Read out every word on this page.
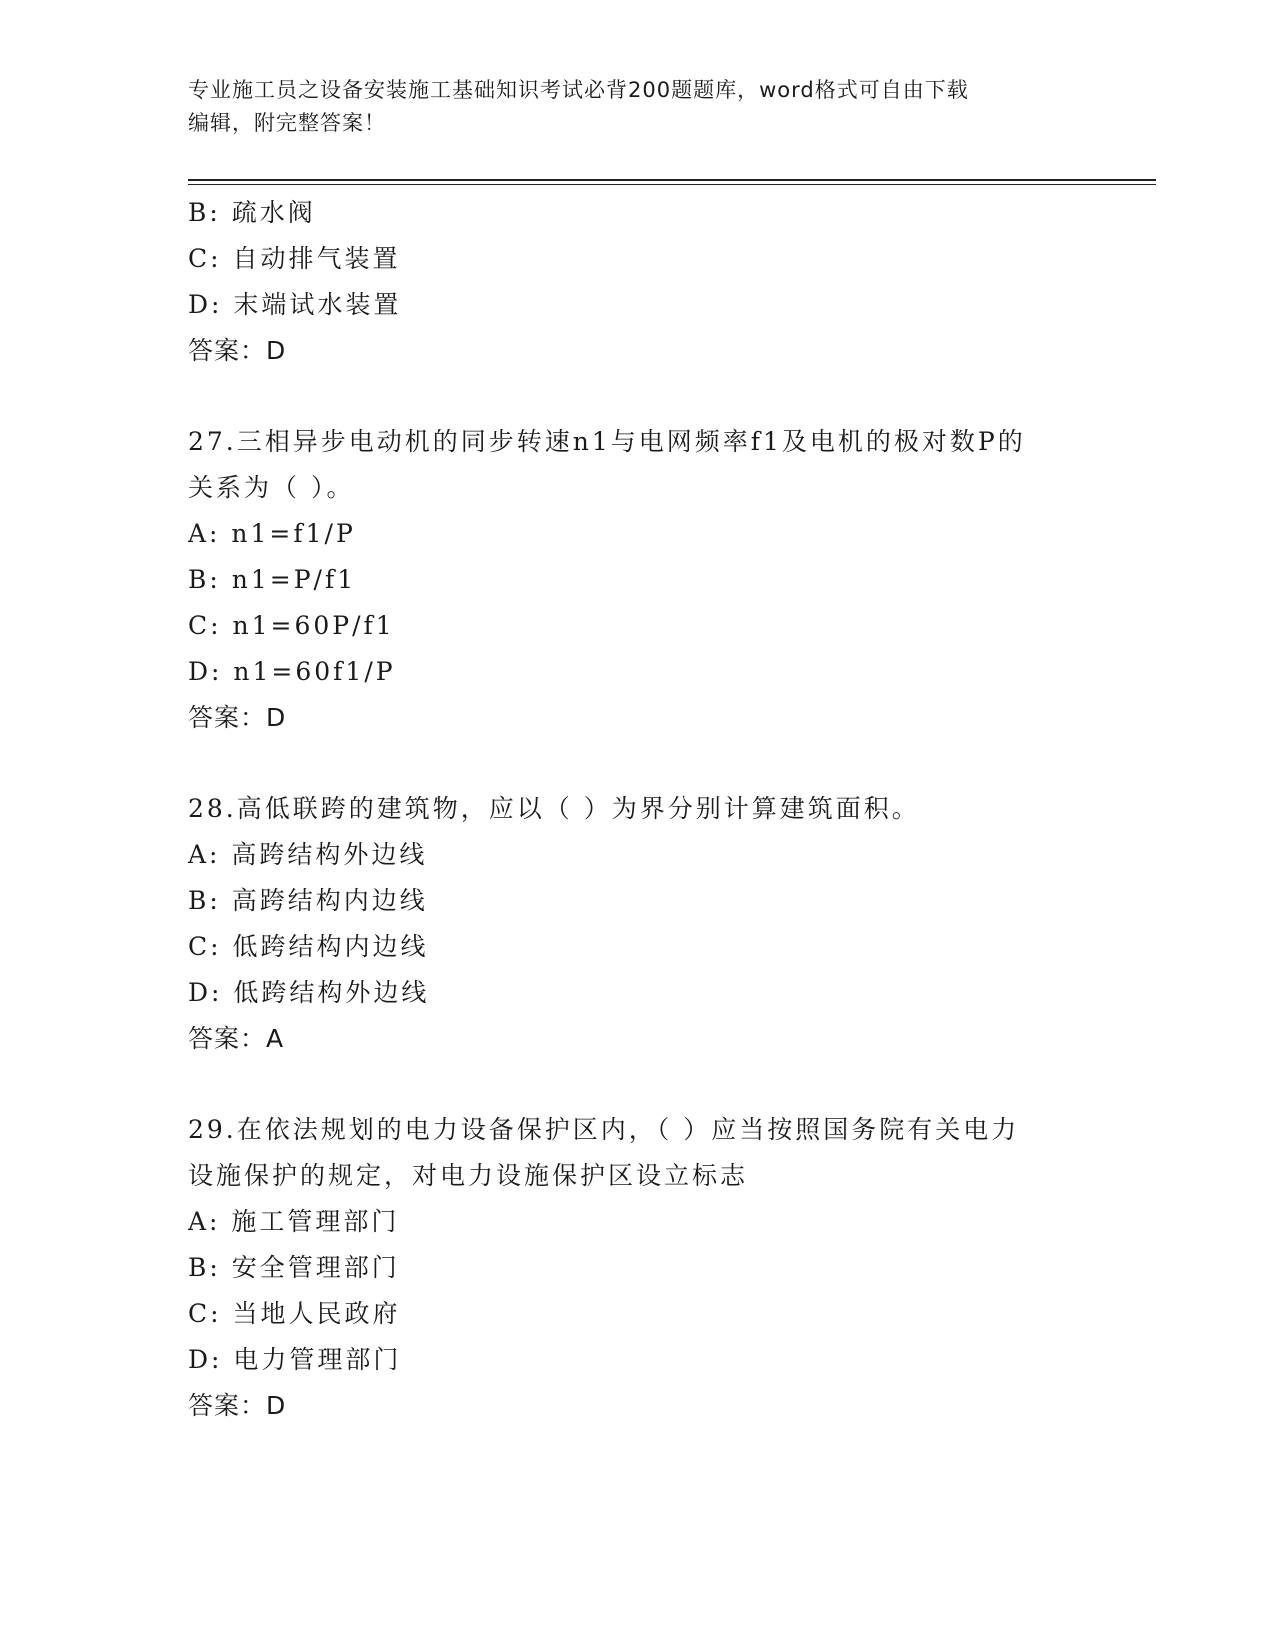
专业施工员之设备安装施工基础知识考试必背200题题库，word格式可自由下载
编辑，附完整答案！
B: 疏水阀
C: 自动排气装置
D: 末端试水装置
答案：D
27.三相异步电动机的同步转速n1与电网频率f1及电机的极对数P的
关系为（ ）。
A: n1=f1/P
B: n1=P/f1
C: n1=60P/f1
D: n1=60f1/P
答案：D
28.高低联跨的建筑物，应以（ ）为界分别计算建筑面积。
A: 高跨结构外边线
B: 高跨结构内边线
C: 低跨结构内边线
D: 低跨结构外边线
答案：A
29.在依法规划的电力设备保护区内，（ ）应当按照国务院有关电力
设施保护的规定，对电力设施保护区设立标志
A: 施工管理部门
B: 安全管理部门
C: 当地人民政府
D: 电力管理部门
答案：D
